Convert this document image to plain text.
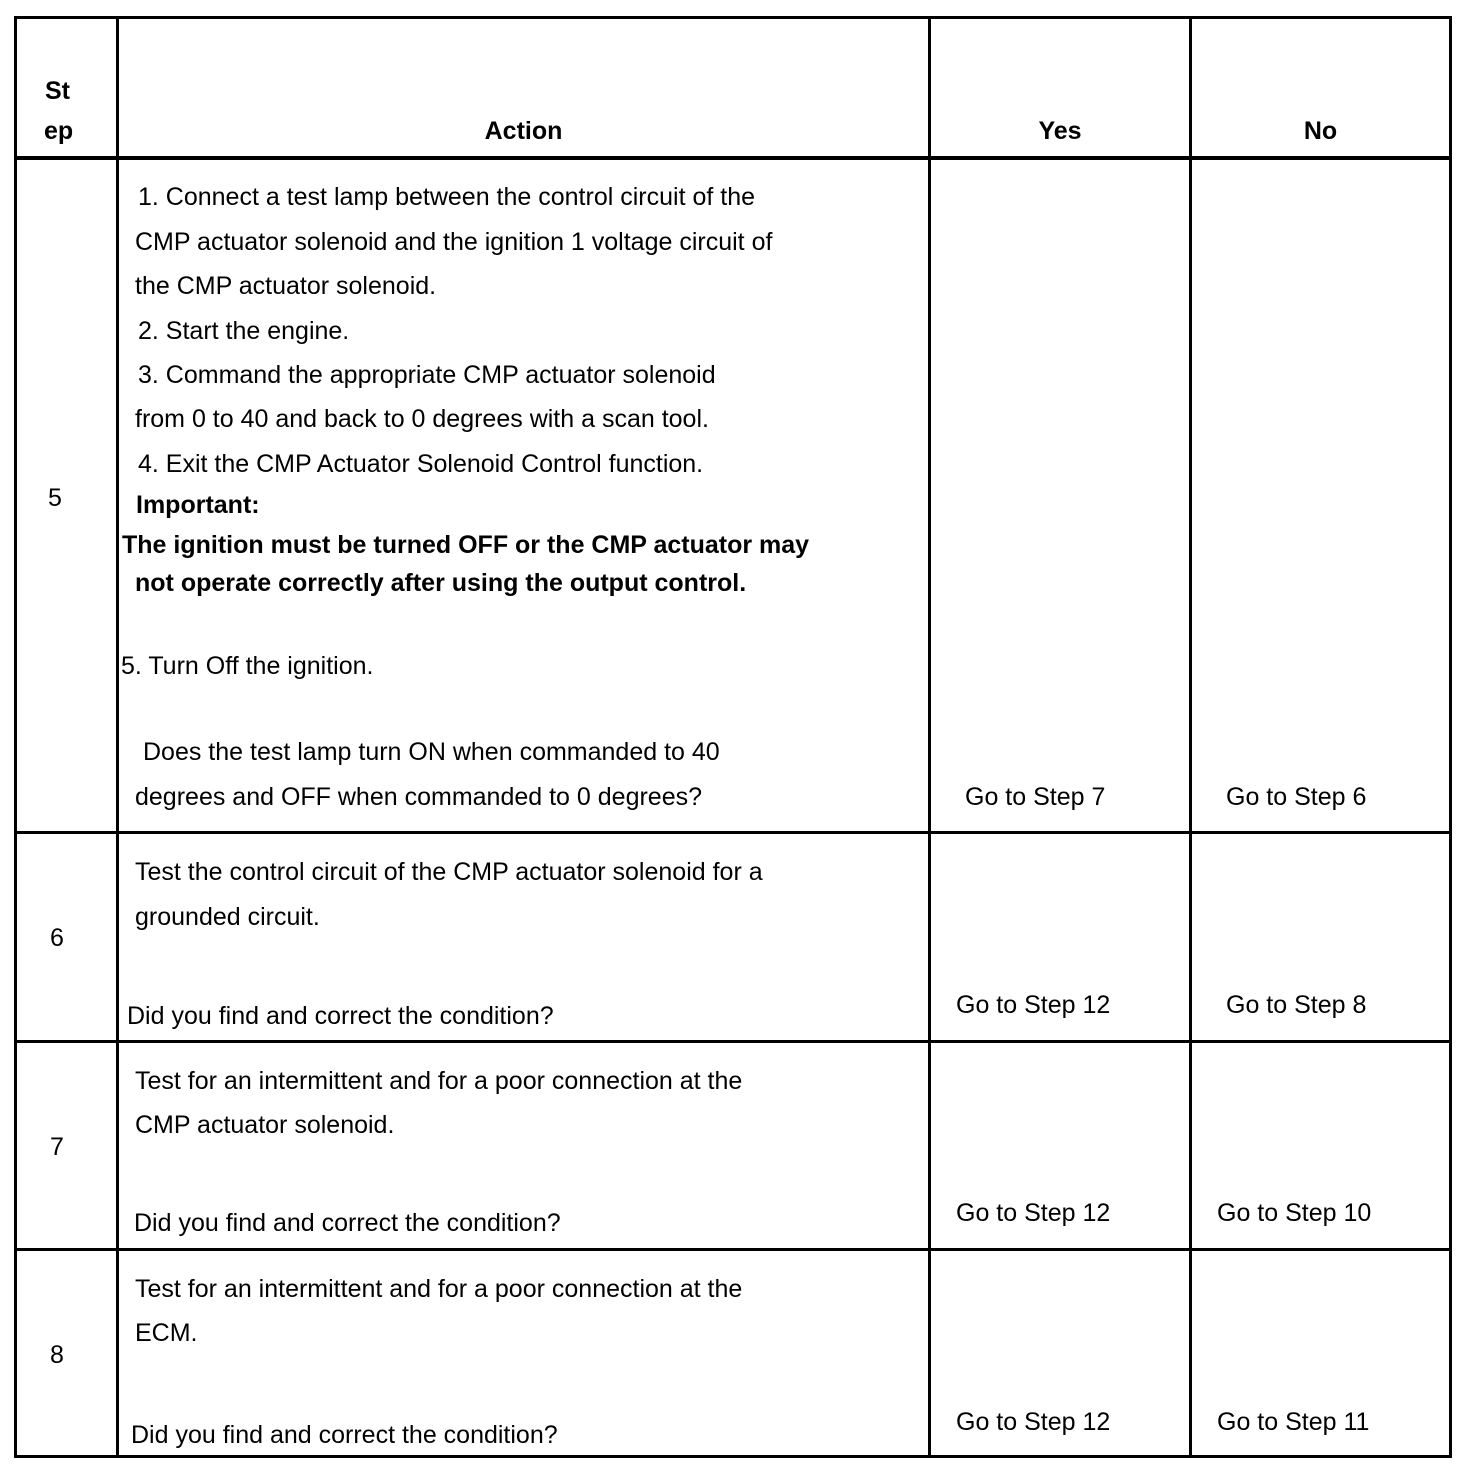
St
ep	Action	Yes	No
5
1. Connect a test lamp between the control circuit of the
CMP actuator solenoid and the ignition 1 voltage circuit of
the CMP actuator solenoid.
2. Start the engine.
3. Command the appropriate CMP actuator solenoid
from 0 to 40 and back to 0 degrees with a scan tool.
4. Exit the CMP Actuator Solenoid Control function.
Important:
The ignition must be turned OFF or the CMP actuator may
not operate correctly after using the output control.
5. Turn Off the ignition.
Does the test lamp turn ON when commanded to 40
degrees and OFF when commanded to 0 degrees?	Go to Step 7	Go to Step 6
6
Test the control circuit of the CMP actuator solenoid for a
grounded circuit.
Did you find and correct the condition?	Go to Step 12	Go to Step 8
7
Test for an intermittent and for a poor connection at the
CMP actuator solenoid.
Did you find and correct the condition?	Go to Step 12	Go to Step 10
8
Test for an intermittent and for a poor connection at the
ECM.
Did you find and correct the condition?	Go to Step 12	Go to Step 11
